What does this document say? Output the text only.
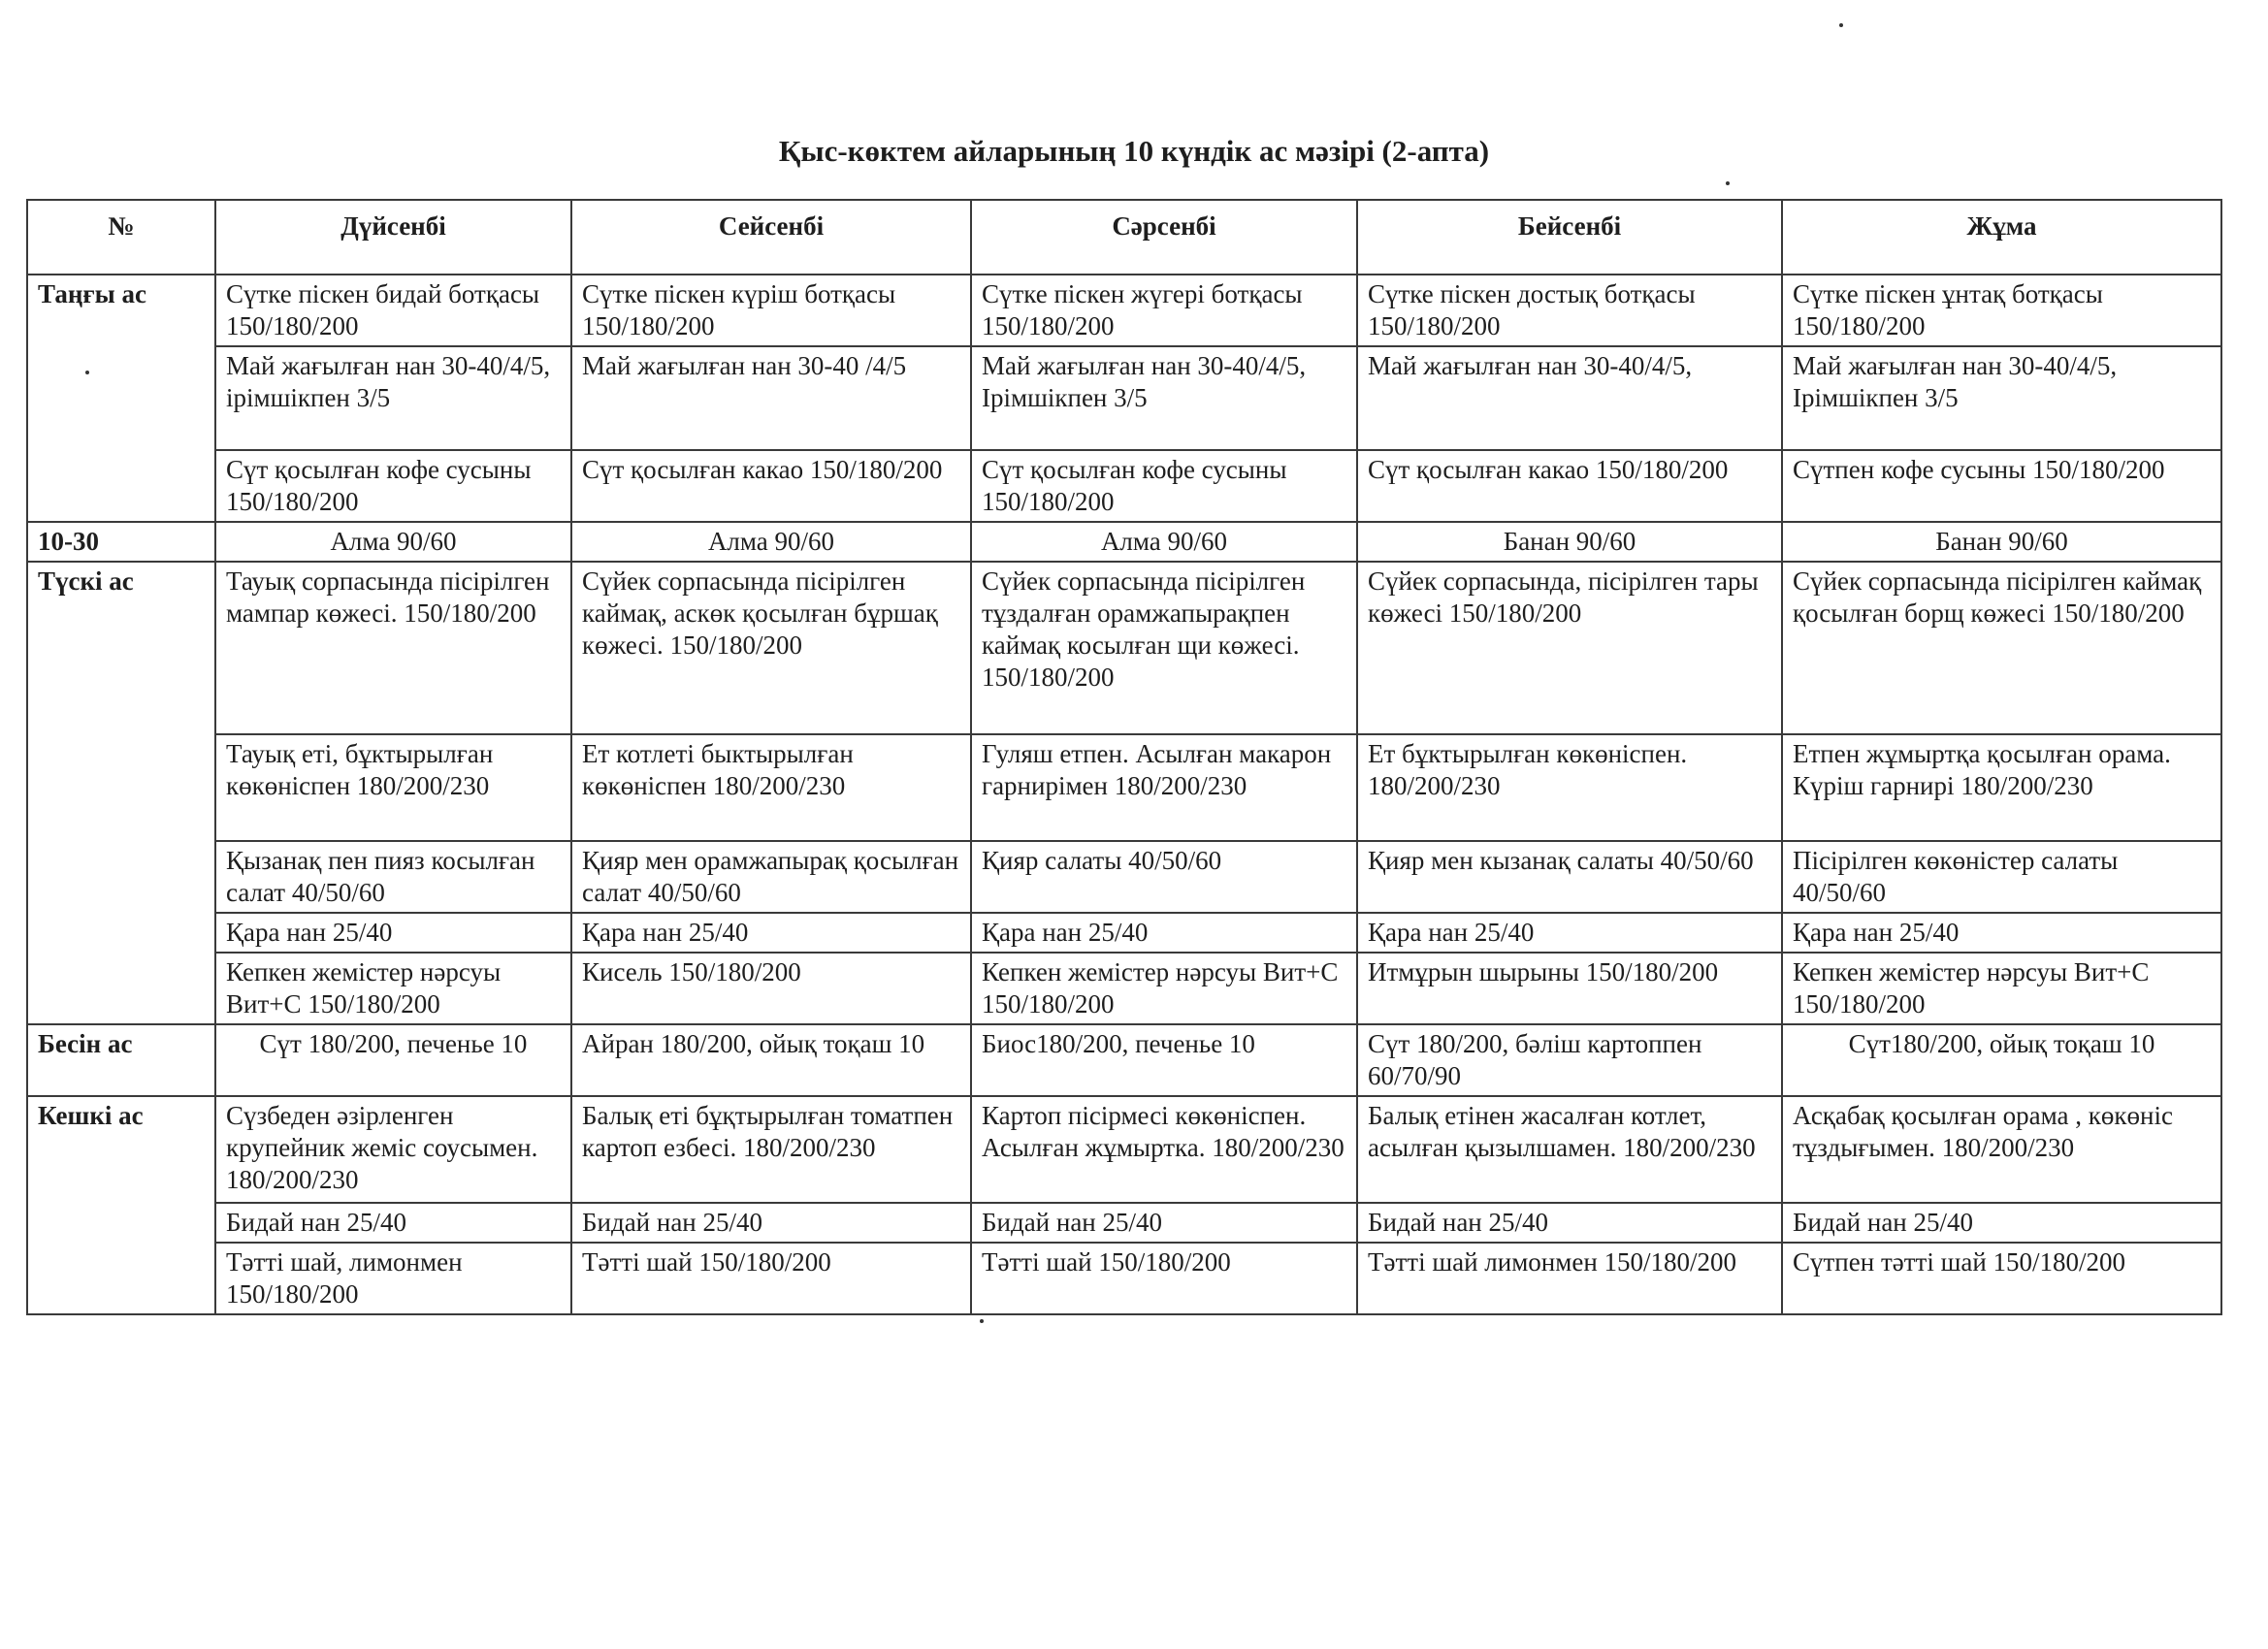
Қыс-көктем айларының 10 күндік ас мәзірі (2-апта)
№	Дүйсенбі	Сейсенбі	Сәрсенбі	Бейсенбі	Жұма
Таңғы ас	Сүтке піскен бидай ботқасы 150/180/200	Сүтке піскен күріш ботқасы 150/180/200	Сүтке піскен жүгері ботқасы 150/180/200	Сүтке піскен достық ботқасы 150/180/200	Сүтке піскен ұнтақ ботқасы 150/180/200
	Май жағылған нан 30-40/4/5, ірімшікпен 3/5	Май жағылған нан 30-40 /4/5	Май жағылған нан 30-40/4/5, Ірімшікпен 3/5	Май жағылған нан 30-40/4/5,	Май жағылған нан 30-40/4/5, Ірімшікпен 3/5
	Сүт қосылған кофе сусыны 150/180/200	Сүт қосылған какао 150/180/200	Сүт қосылған кофе сусыны 150/180/200	Сүт қосылған какао 150/180/200	Сүтпен кофе сусыны 150/180/200
10-30	Алма 90/60	Алма 90/60	Алма 90/60	Банан 90/60	Банан 90/60
Түскі ас	Тауық сорпасында пісірілген мампар көжесі. 150/180/200	Сүйек сорпасында пісірілген каймақ, аскөк қосылған бұршақ көжесі. 150/180/200	Сүйек сорпасында пісірілген тұздалған орамжапырақпен каймақ косылған щи көжесі. 150/180/200	Сүйек сорпасында, пісірілген тары көжесі 150/180/200	Сүйек сорпасында пісірілген каймақ қосылған борщ көжесі 150/180/200
	Тауық еті, бұктырылған көкөніспен 180/200/230	Ет котлеті быктырылған көкөніспен 180/200/230	Гуляш етпен. Асылған макарон гарнирімен 180/200/230	Ет бұктырылған көкөніспен. 180/200/230	Етпен жұмыртқа қосылған орама. Күріш гарнирі 180/200/230
	Қызанақ пен пияз косылған салат 40/50/60	Қияр мен орамжапырақ қосылған салат 40/50/60	Қияр салаты 40/50/60	Қияр мен кызанақ салаты 40/50/60	Пісірілген көкөністер салаты 40/50/60
	Қара нан 25/40	Қара нан 25/40	Қара нан 25/40	Қара нан 25/40	Қара нан 25/40
	Кепкен жемістер нәрсуы Вит+С 150/180/200	Кисель 150/180/200	Кепкен жемістер нәрсуы Вит+С 150/180/200	Итмұрын шырыны 150/180/200	Кепкен жемістер нәрсуы Вит+С 150/180/200
Бесін ас	Сүт 180/200, печенье 10	Айран 180/200, ойық тоқаш 10	Биос180/200, печенье 10	Сүт 180/200, бәліш картоппен 60/70/90	Сүт180/200, ойық тоқаш 10
Кешкі ас	Сүзбеден әзірленген крупейник жеміс соусымен. 180/200/230	Балық еті бұқтырылған томатпен картоп езбесі. 180/200/230	Картоп пісірмесі көкөніспен. Асылған жұмыртка. 180/200/230	Балық етінен жасалған котлет, асылған қызылшамен. 180/200/230	Асқабақ қосылған орама , көкөніс тұздығымен. 180/200/230
	Бидай нан 25/40	Бидай нан 25/40	Бидай нан 25/40	Бидай нан 25/40	Бидай нан 25/40
	Тәтті шай, лимонмен 150/180/200	Тәтті шай 150/180/200	Тәтті шай 150/180/200	Тәтті шай лимонмен 150/180/200	Сүтпен тәтті шай 150/180/200
